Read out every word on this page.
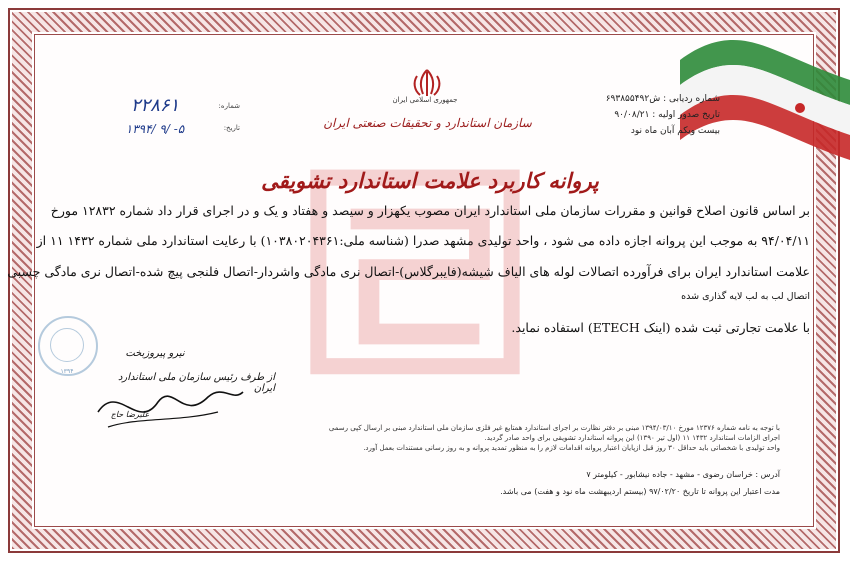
جمهوری اسلامی ایران
سازمان استاندارد و تحقیقات صنعتی ایران
شماره ردیابی : ش۶۹۳۸۵۵۴۹۲
تاریخ صدور اولیه : ۹۰/۰۸/۲۱
بیست ویکم آبان ماه نود
شماره:
تاریخ:
۲۲۸۶۱
۱۳۹۴/ ۹/ -۵
پروانه کاربرد علامت استاندارد تشویقی
بر اساس قانون اصلاح قوانین و مقررات سازمان ملی استاندارد ایران مصوب یکهزار و سیصد و هفتاد و یک و در اجرای قرار داد شماره ۱۲۸۳۲ مورخ
۹۴/۰۴/۱۱ به موجب این پروانه اجازه داده می شود ، واحد تولیدی مشهد صدرا (شناسه ملی:۱۰۳۸۰۲۰۴۳۶۱) با رعایت استاندارد ملی شماره ۱۴۳۲ ۱۱ از
علامت استاندارد ایران برای فرآورده اتصالات لوله های الیاف شیشه(فایبرگلاس)-اتصال نری مادگی واشردار-اتصال فلنجی پیچ شده-اتصال نری مادگی چسبی
اتصال لب به لب لایه گذاری شده
با علامت تجارتی ثبت شده (اینک ETECH) استفاده نماید.
۱۳۹۴
نیرو پیروزبخت
از طرف رئیس سازمان ملی استاندارد ایران
علیرضا حاج
با توجه به نامه شماره ۱۲۳۷۶ مورخ ۱۳۹۴/۰۳/۱۰ مبنی بر دفتر نظارت بر اجرای استاندارد همتایع غیر فلزی سازمان ملی استاندارد مبنی بر ارسال کپی رسمی
اجرای الزامات استاندارد ۱۴۳۲ ۱۱ (اول تیر ۱۳۹۰) این پروانه استاندارد تشویقی برای واحد صادر گردید.
واحد تولیدی با شخصاتی باید حداقل ۳۰ روز قبل ازپایان اعتبار پروانه اقدامات لازم را به منظور تمدید پروانه و به روز رسانی مستندات بعمل آورد.
آدرس : خراسان رضوی - مشهد - جاده نیشابور - کیلومتر ۷
مدت اعتبار این پروانه تا تاریخ ۹۷/۰۲/۲۰ (بیستم اردیبهشت ماه نود و هفت) می باشد.
